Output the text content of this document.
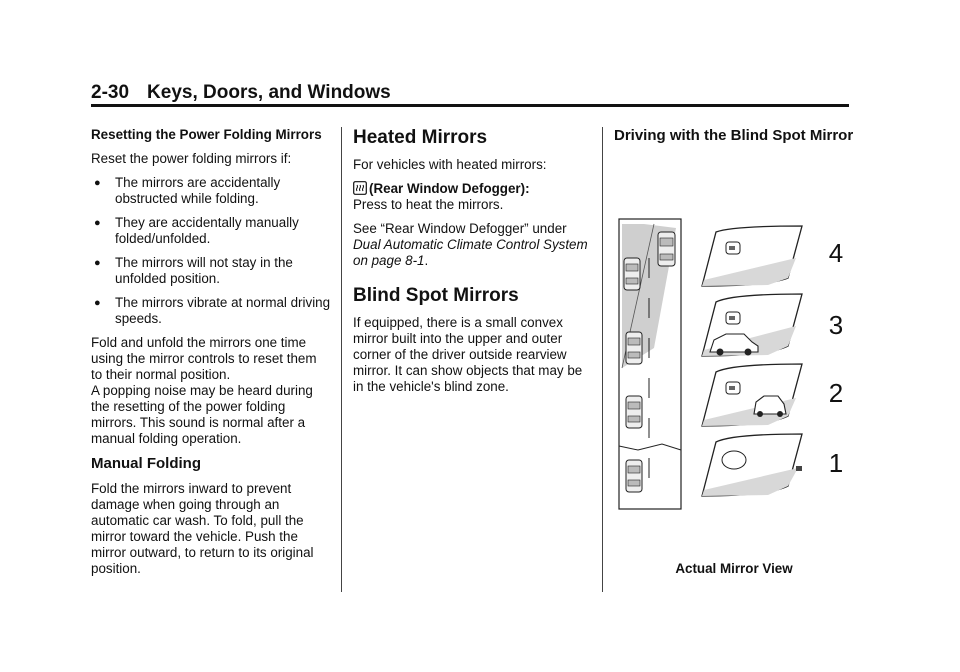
2-30 Keys, Doors, and Windows

Resetting the Power Folding Mirrors

Reset the power folding mirrors if:

● The mirrors are accidentally obstructed while folding.
● They are accidentally manually folded/unfolded.
● The mirrors will not stay in the unfolded position.
● The mirrors vibrate at normal driving speeds.

Fold and unfold the mirrors one time using the mirror controls to reset them to their normal position.

A popping noise may be heard during the resetting of the power folding mirrors. This sound is normal after a manual folding operation.

Manual Folding

Fold the mirrors inward to prevent damage when going through an automatic car wash. To fold, pull the mirror toward the vehicle. Push the mirror outward, to return to its original position.

Heated Mirrors

For vehicles with heated mirrors:

(Rear Window Defogger):
Press to heat the mirrors.

See “Rear Window Defogger” under Dual Automatic Climate Control System on page 8-1.

Blind Spot Mirrors

If equipped, there is a small convex mirror built into the upper and outer corner of the driver outside rearview mirror. It can show objects that may be in the vehicle's blind zone.

Driving with the Blind Spot Mirror

4
3
2
1
Actual Mirror View
